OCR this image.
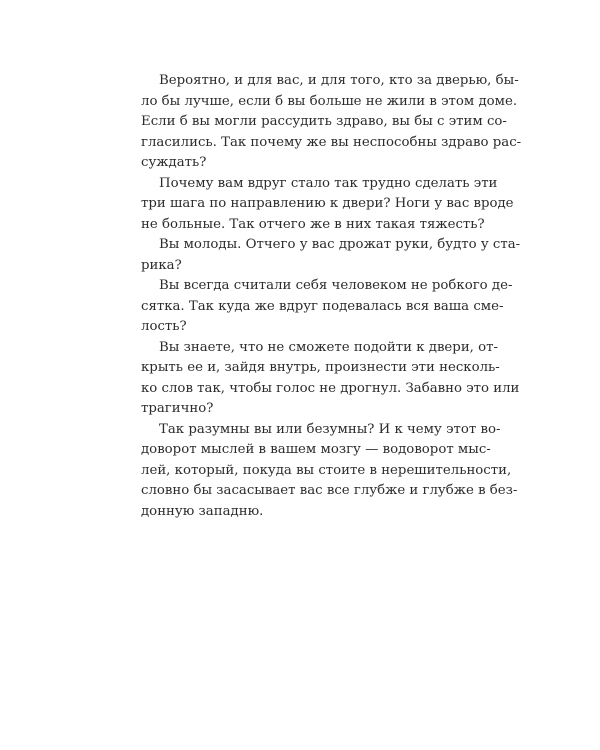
Вероятно, и для вас, и для того, кто за дверью, бы-
ло бы лучше, если б вы больше не жили в этом доме.
Если б вы могли рассудить здраво, вы бы с этим со-
гласились. Так почему же вы неспособны здраво рас-
суждать?

Почему вам вдруг стало так трудно сделать эти
три шага по направлению к двери? Ноги у вас вроде
не больные. Так отчего же в них такая тяжесть?

Вы молоды. Отчего у вас дрожат руки, будто у ста-
рика?

Вы всегда считали себя человеком не робкого де-
сятка. Так куда же вдруг подевалась вся ваша сме-
лость?

Вы знаете, что не сможете подойти к двери, от-
крыть ее и, зайдя внутрь, произнести эти несколь-
ко слов так, чтобы голос не дрогнул. Забавно это или
трагично?

Так разумны вы или безумны? И к чему этот во-
доворот мыслей в вашем мозгу — водоворот мыс-
лей, который, покуда вы стоите в нерешительности,
словно бы засасывает вас все глубже и глубже в без-
донную западню.
